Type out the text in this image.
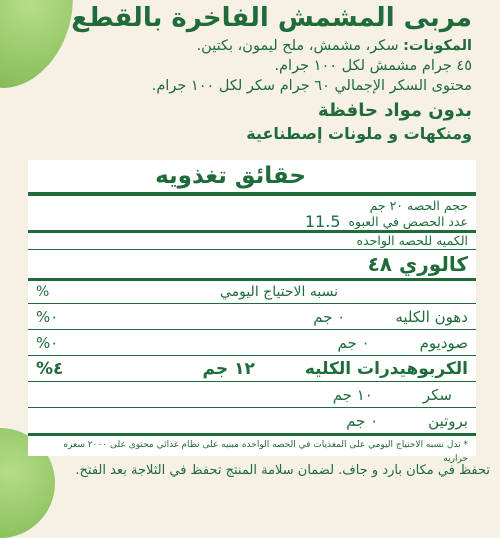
مربى المشمش الفاخرة بالقطع
المكونات: سكر، مشمش، ملح ليمون، بكتين.
٤٥ جرام مشمش لكل ١٠٠ جرام.
محتوى السكر الإجمالي ٦٠ جرام سكر لكل ١٠٠ جرام.
بدون مواد حافظة
ومنكهات و ملونات إصطناعية
حقائق تغذويه
حجم الحصه ٢٠ جم
عدد الحصص في العبوه
11.5
الكميه للحصه الواحده
كالوري ٤٨
نسبه الاحتياج اليومي
%
دهون الكليه
٠ جم
٠%
صوديوم
٠ جم
٠%
الكربوهيدرات الكليه
١٢ جم
٤%
سكر
١٠ جم
بروتين
٠ جم
* تدل نسبه الاحتياج اليومي على المغذيات في الحصه الواحده مبنيه على نظام غذائي محتوى على ٢٠٠٠ سعره حراريه
تحفظ في مكان بارد و جاف. لضمان سلامة المنتج تحفظ في الثلاجة بعد الفتح.
